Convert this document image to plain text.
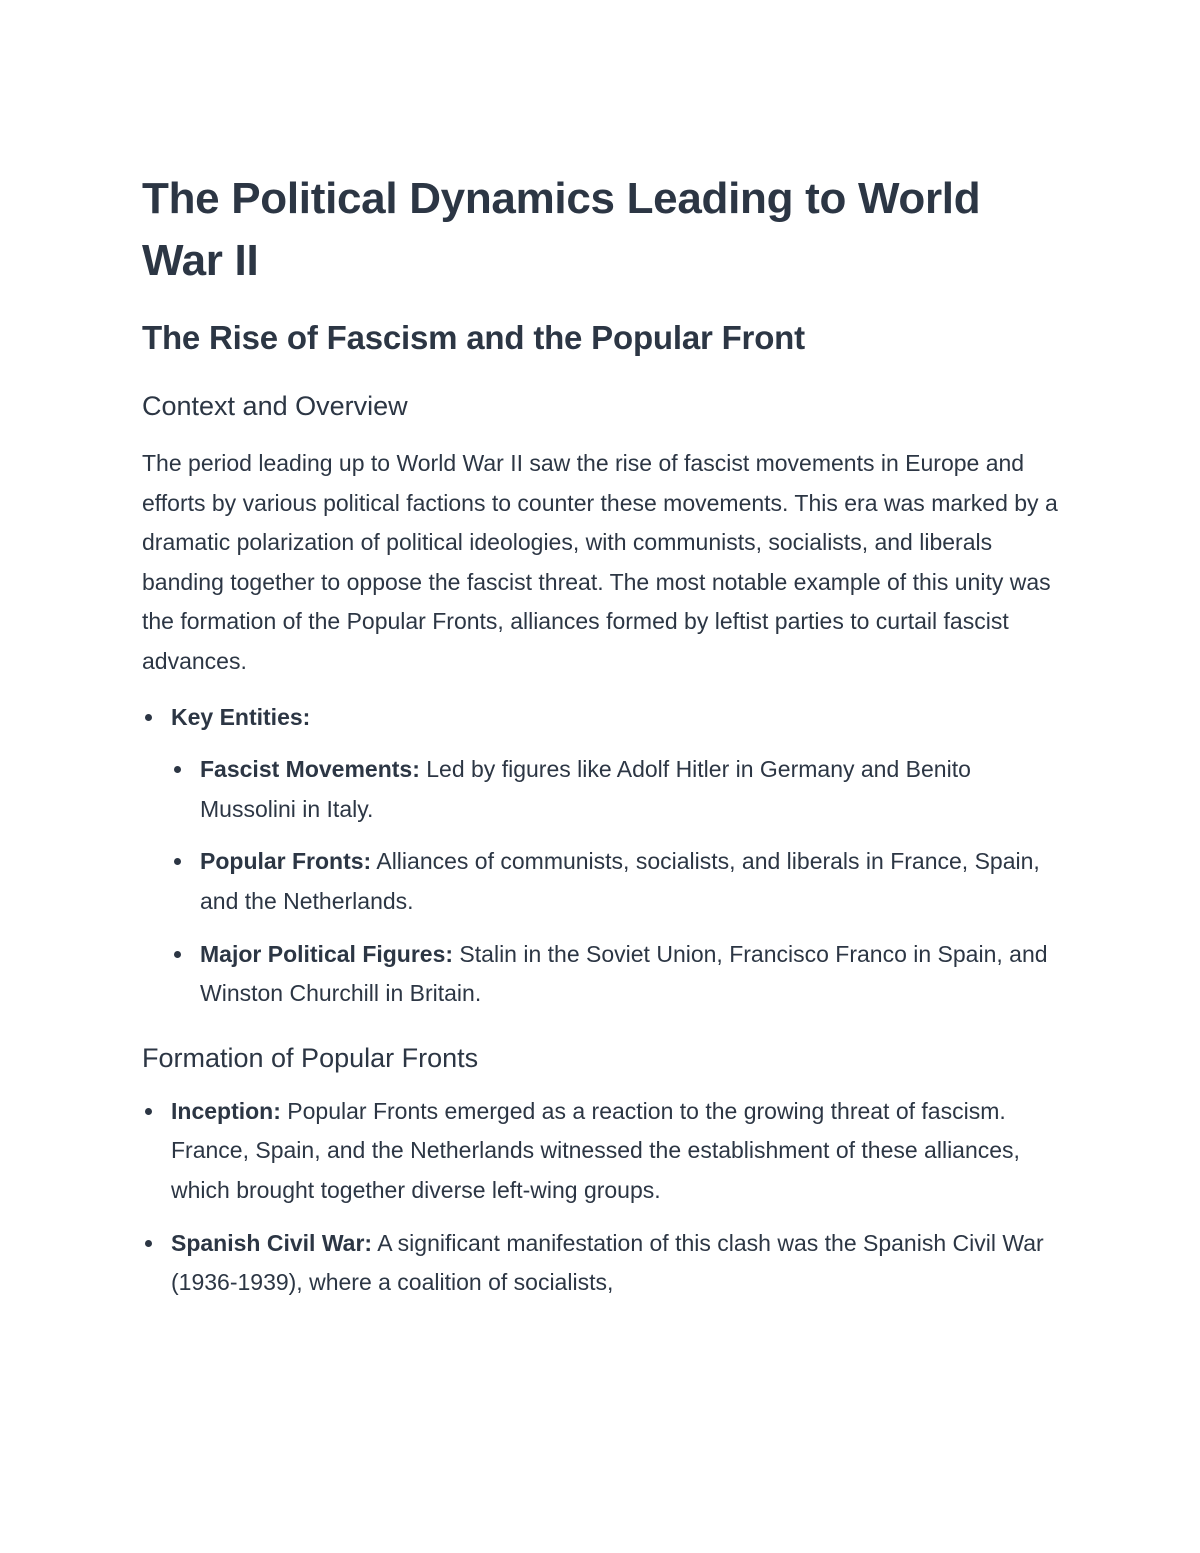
The Political Dynamics Leading to World War II
The Rise of Fascism and the Popular Front
Context and Overview

The period leading up to World War II saw the rise of fascist movements in Europe and efforts by various political factions to counter these movements. This era was marked by a dramatic polarization of political ideologies, with communists, socialists, and liberals banding together to oppose the fascist threat. The most notable example of this unity was the formation of the Popular Fronts, alliances formed by leftist parties to curtail fascist advances.

Key Entities:
Fascist Movements: Led by figures like Adolf Hitler in Germany and Benito Mussolini in Italy.
Popular Fronts: Alliances of communists, socialists, and liberals in France, Spain, and the Netherlands.
Major Political Figures: Stalin in the Soviet Union, Francisco Franco in Spain, and Winston Churchill in Britain.
Formation of Popular Fronts
Inception: Popular Fronts emerged as a reaction to the growing threat of fascism. France, Spain, and the Netherlands witnessed the establishment of these alliances, which brought together diverse left-wing groups.
Spanish Civil War: A significant manifestation of this clash was the Spanish Civil War (1936-1939), where a coalition of socialists,
